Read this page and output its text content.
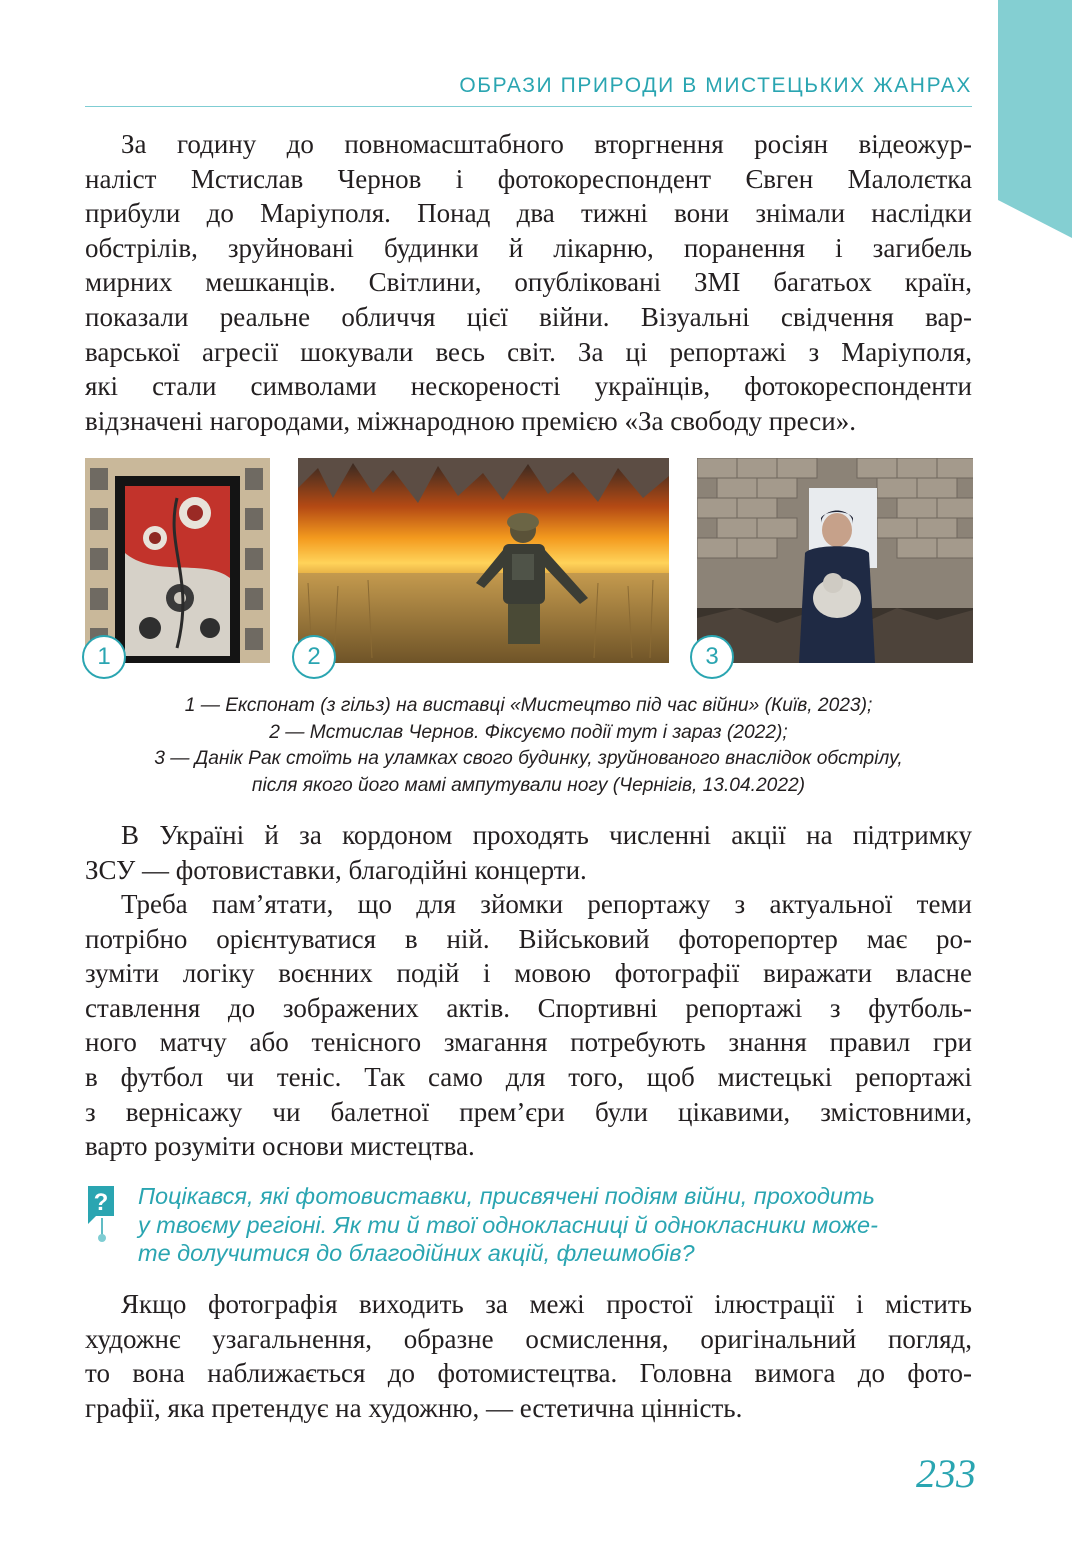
ОБРАЗИ ПРИРОДИ В МИСТЕЦЬКИХ ЖАНРАХ
За годину до повномасштабного вторгнення росіян відеожур-
наліст Мстислав Чернов і фотокореспондент Євген Малолєтка
прибули до Маріуполя. Понад два тижні вони знімали наслідки
обстрілів, зруйновані будинки й лікарню, поранення і загибель
мирних мешканців. Світлини, опубліковані ЗМІ багатьох країн,
показали реальне обличчя цієї війни. Візуальні свідчення вар-
варської агресії шокували весь світ. За ці репортажі з Маріуполя,
які стали символами нескореності українців, фотокореспонденти
відзначені нагородами, міжнародною премією «За свободу преси».
1	2	3
1 — Експонат (з гільз) на виставці «Мистецтво під час війни» (Київ, 2023);
2 — Мстислав Чернов. Фіксуємо події тут і зараз (2022);
3 — Данік Рак стоїть на уламках свого будинку, зруйнованого внаслідок обстрілу,
після якого його мамі ампутували ногу (Чернігів, 13.04.2022)
В Україні й за кордоном проходять численні акції на підтримку
ЗСУ — фотовиставки, благодійні концерти.
Треба пам’ятати, що для зйомки репортажу з актуальної теми
потрібно орієнтуватися в ній. Військовий фоторепортер має ро-
зуміти логіку воєнних подій і мовою фотографії виражати власне
ставлення до зображених актів. Спортивні репортажі з футболь-
ного матчу або тенісного змагання потребують знання правил гри
в футбол чи теніс. Так само для того, щоб мистецькі репортажі
з вернісажу чи балетної прем’єри були цікавими, змістовними,
варто розуміти основи мистецтва.
? Поцікався, які фотовиставки, присвячені подіям війни, проходить
у твоєму регіоні. Як ти й твої однокласниці й однокласники може-
те долучитися до благодійних акцій, флешмобів?
Якщо фотографія виходить за межі простої ілюстрації і містить
художнє узагальнення, образне осмислення, оригінальний погляд,
то вона наближається до фотомистецтва. Головна вимога до фото-
графії, яка претендує на художню, — естетична цінність.
233
